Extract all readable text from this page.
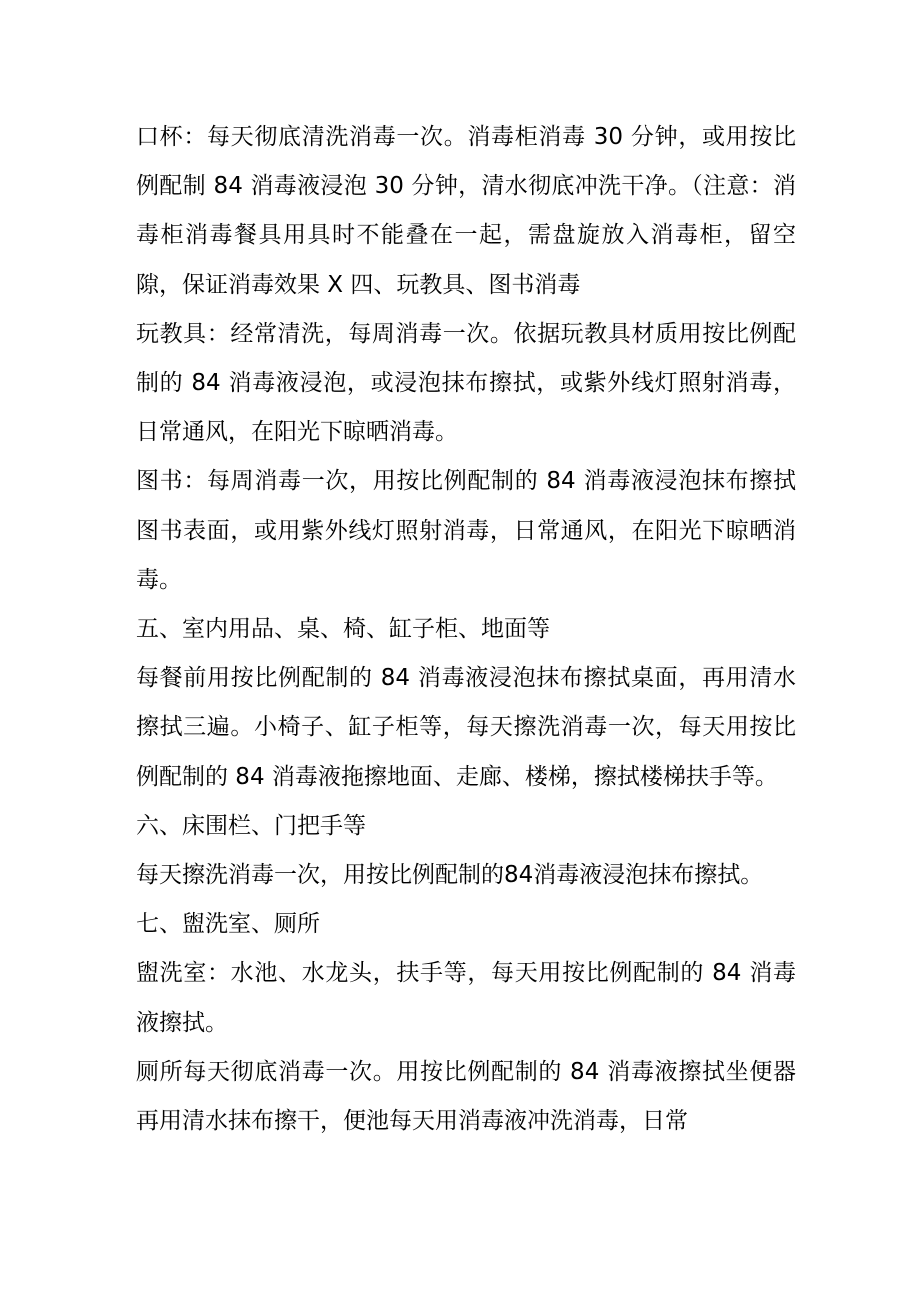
口杯：每天彻底清洗消毒一次。消毒柜消毒 30 分钟，或用按比例配制 84 消毒液浸泡 30 分钟，清水彻底冲洗干净。（注意：消毒柜消毒餐具用具时不能叠在一起，需盘旋放入消毒柜，留空隙，保证消毒效果 X 四、玩教具、图书消毒

玩教具：经常清洗，每周消毒一次。依据玩教具材质用按比例配制的 84 消毒液浸泡，或浸泡抹布擦拭，或紫外线灯照射消毒，日常通风，在阳光下晾晒消毒。

图书：每周消毒一次，用按比例配制的 84 消毒液浸泡抹布擦拭图书表面，或用紫外线灯照射消毒，日常通风，在阳光下晾晒消毒。

五、室内用品、桌、椅、缸子柜、地面等

每餐前用按比例配制的 84 消毒液浸泡抹布擦拭桌面，再用清水擦拭三遍。小椅子、缸子柜等，每天擦洗消毒一次，每天用按比例配制的 84 消毒液拖擦地面、走廊、楼梯，擦拭楼梯扶手等。

六、床围栏、门把手等

每天擦洗消毒一次，用按比例配制的84消毒液浸泡抹布擦拭。

七、盥洗室、厕所

盥洗室：水池、水龙头，扶手等，每天用按比例配制的 84 消毒液擦拭。

厕所每天彻底消毒一次。用按比例配制的 84 消毒液擦拭坐便器再用清水抹布擦干，便池每天用消毒液冲洗消毒，日常
